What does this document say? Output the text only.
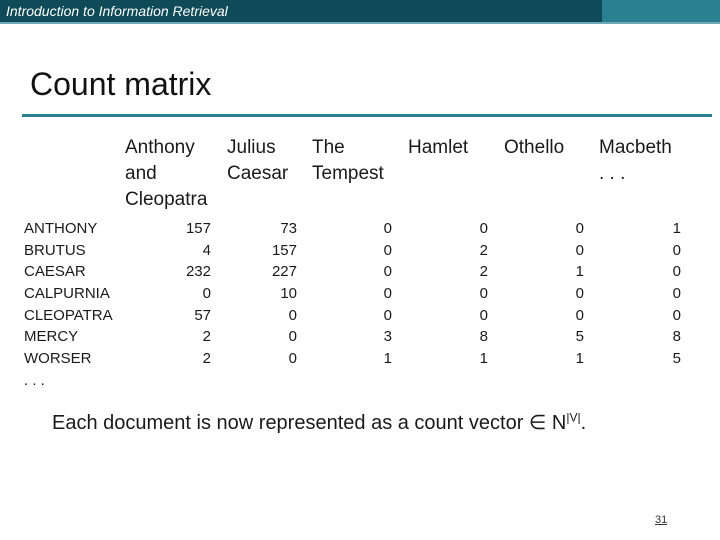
Introduction to Information Retrieval
Count matrix
Anthony
and
Cleopatra
Julius
Caesar
The
Tempest
Hamlet Othello Macbeth
. . .
ANTHONY
BRUTUS
CAESAR
CALPURNIA
CLEOPATRA
MERCY
WORSER
. . .
157
4
232
0
57
2
2
73
157
227
10
0
0
0
0
0
0
0
0
3
1
0
2
2
0
0
8
1
0
0
1
0
0
5
1
1
0
0
0
0
8
5
Each document is now represented as a count vector ∈ $N^{|V|}$.
31
